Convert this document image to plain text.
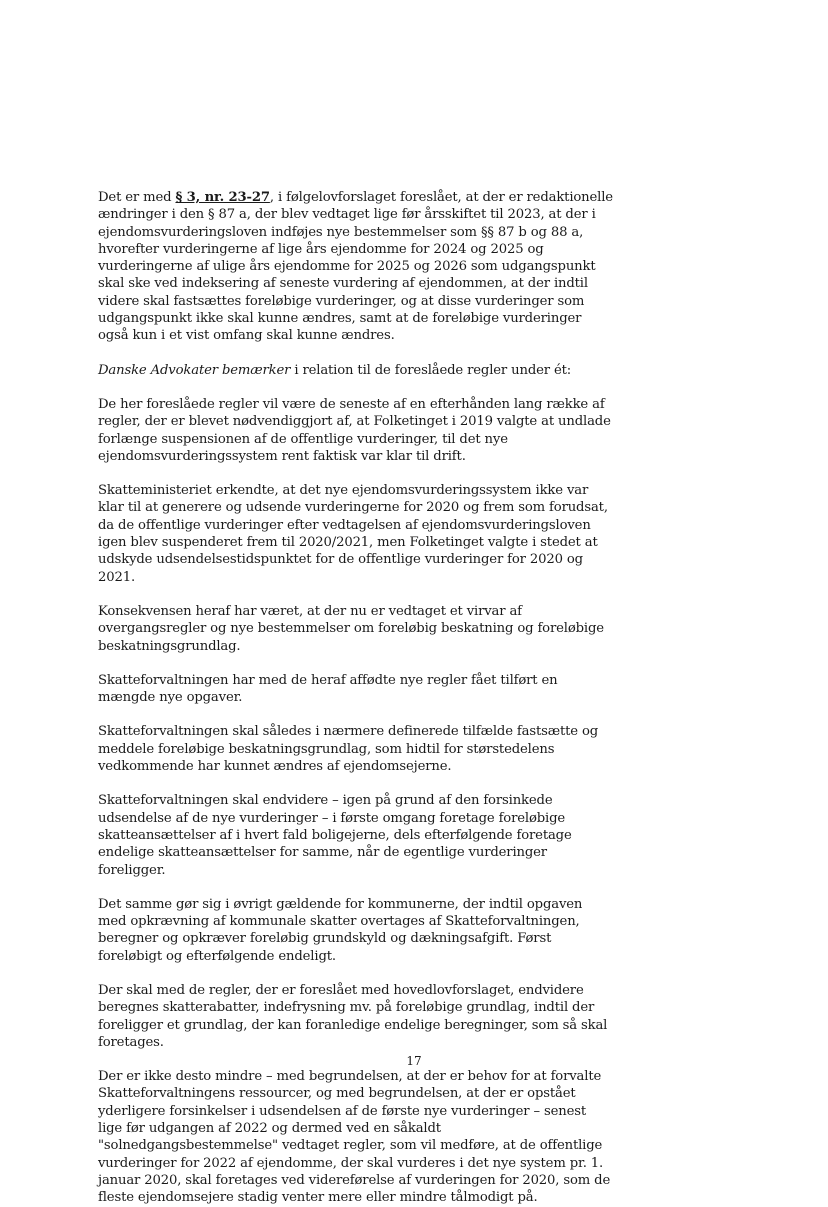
Det er med § 3, nr. 23-27, i følgelovforslaget foreslået, at der er redaktionelle ændringer i den § 87 a, der blev vedtaget lige før årsskiftet til 2023, at der i ejendomsvurderingsloven indføjes nye bestemmelser som §§ 87 b og 88 a, hvorefter vurderingerne af lige års ejendomme for 2024 og 2025 og vurderingerne af ulige års ejendomme for 2025 og 2026 som udgangspunkt skal ske ved indeksering af seneste vurdering af ejendommen, at der indtil videre skal fastsættes foreløbige vurderinger, og at disse vurderinger som udgangspunkt ikke skal kunne ændres, samt at de foreløbige vurderinger også kun i et vist omfang skal kunne ændres.

Danske Advokater bemærker i relation til de foreslåede regler under ét:

De her foreslåede regler vil være de seneste af en efterhånden lang række af regler, der er blevet nødvendiggjort af, at Folketinget i 2019 valgte at undlade forlænge suspensionen af de offentlige vurderinger, til det nye ejendomsvurderingssystem rent faktisk var klar til drift.

Skatteministeriet erkendte, at det nye ejendomsvurderingssystem ikke var klar til at generere og udsende vurderingerne for 2020 og frem som forudsat, da de offentlige vurderinger efter vedtagelsen af ejendomsvurderingsloven igen blev suspenderet frem til 2020/2021, men Folketinget valgte i stedet at udskyde udsendelsestidspunktet for de offentlige vurderinger for 2020 og 2021.

Konsekvensen heraf har været, at der nu er vedtaget et virvar af overgangsregler og nye bestemmelser om foreløbig beskatning og foreløbige beskatningsgrundlag.

Skatteforvaltningen har med de heraf affødte nye regler fået tilført en mængde nye opgaver.

Skatteforvaltningen skal således i nærmere definerede tilfælde fastsætte og meddele foreløbige beskatningsgrundlag, som hidtil for størstedelens vedkommende har kunnet ændres af ejendomsejerne.

Skatteforvaltningen skal endvidere – igen på grund af den forsinkede udsendelse af de nye vurderinger – i første omgang foretage foreløbige skatteansættelser af i hvert fald boligejerne, dels efterfølgende foretage endelige skatteansættelser for samme, når de egentlige vurderinger foreligger.

Det samme gør sig i øvrigt gældende for kommunerne, der indtil opgaven med opkrævning af kommunale skatter overtages af Skatteforvaltningen, beregner og opkræver foreløbig grundskyld og dækningsafgift. Først foreløbigt og efterfølgende endeligt.

Der skal med de regler, der er foreslået med hovedlovforslaget, endvidere beregnes skatterabatter, indefrysning mv. på foreløbige grundlag, indtil der foreligger et grundlag, der kan foranledige endelige beregninger, som så skal foretages.

Der er ikke desto mindre – med begrundelsen, at der er behov for at forvalte Skatteforvaltningens ressourcer, og med begrundelsen, at der er opstået yderligere forsinkelser i udsendelsen af de første nye vurderinger – senest lige før udgangen af 2022 og dermed ved en såkaldt "solnedgangsbestemmelse" vedtaget regler, som vil medføre, at de offentlige vurderinger for 2022 af ejendomme, der skal vurderes i det nye system pr. 1. januar 2020, skal foretages ved videreførelse af vurderingen for 2020, som de fleste ejendomsejere stadig venter mere eller mindre tålmodigt på.

17
